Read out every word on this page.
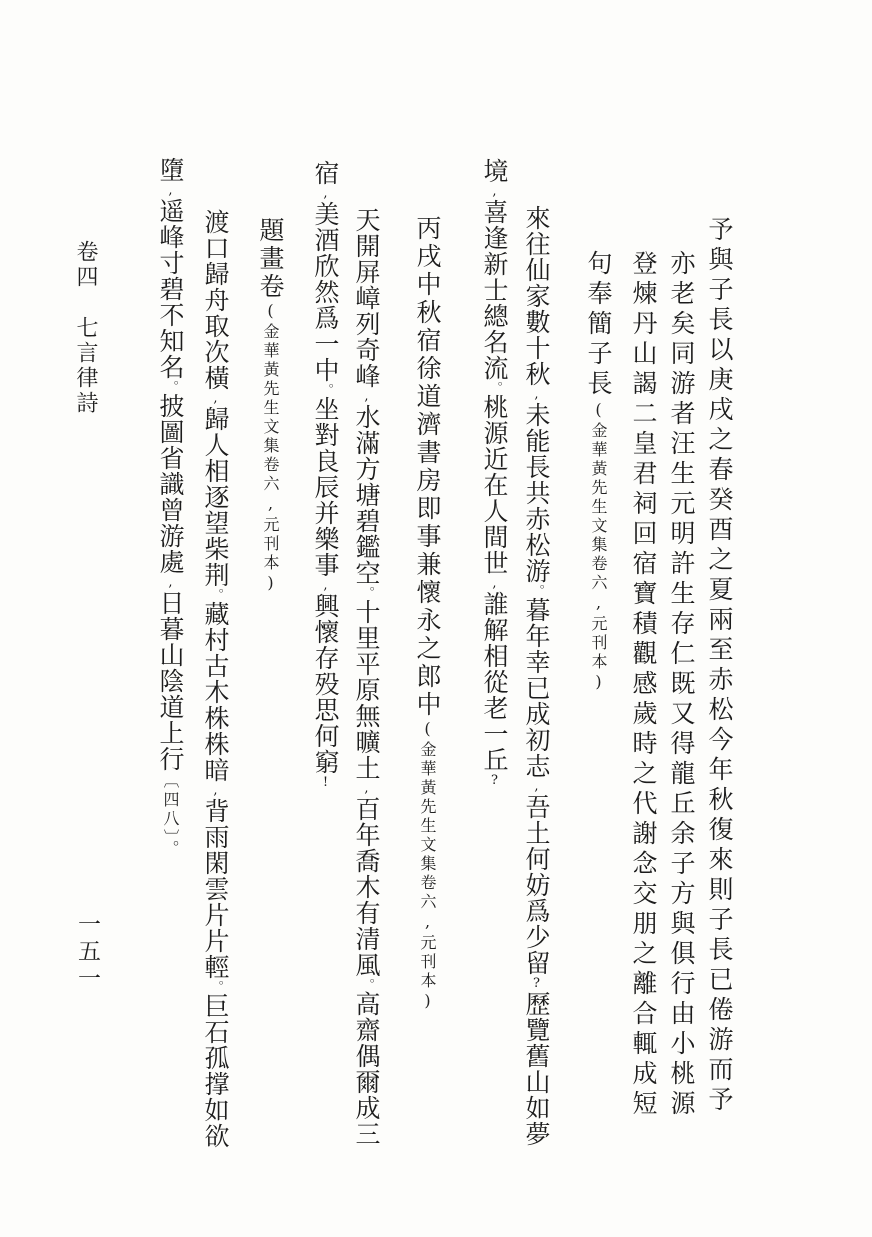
予與子長以庚戌之春癸酉之夏兩至赤松今年秋復來則子長已倦游而予
亦老矣同游者汪生元明許生存仁既又得龍丘余子方與俱行由小桃源
登煉丹山謁二皇君祠回宿寶積觀感歲時之代謝念交朋之離合輒成短
句奉簡子長(金華黃先生文集卷六,元刊本)
來往仙家數十秋,未能長共赤松游。暮年幸已成初志,吾土何妨爲少留?歷覽舊山如夢
境,喜逢新士總名流。桃源近在人間世,誰解相從老一丘?
丙戌中秋宿徐道濟書房即事兼懷永之郎中(金華黃先生文集卷六,元刊本)
天開屏嶂列奇峰,水滿方塘碧鑑空。十里平原無曠土,百年喬木有清風。高齋偶爾成三
宿,美酒欣然爲一中。坐對良辰并樂事,興懷存殁思何窮!
題畫卷(金華黃先生文集卷六,元刊本)
渡口歸舟取次橫,歸人相逐望柴荆。藏村古木株株暗,背雨閑雲片片輕。巨石孤撑如欲
墮,遥峰寸碧不知名。披圖省識曾游處,日暮山陰道上行〔四八〕。
卷四七言律詩
一五一
